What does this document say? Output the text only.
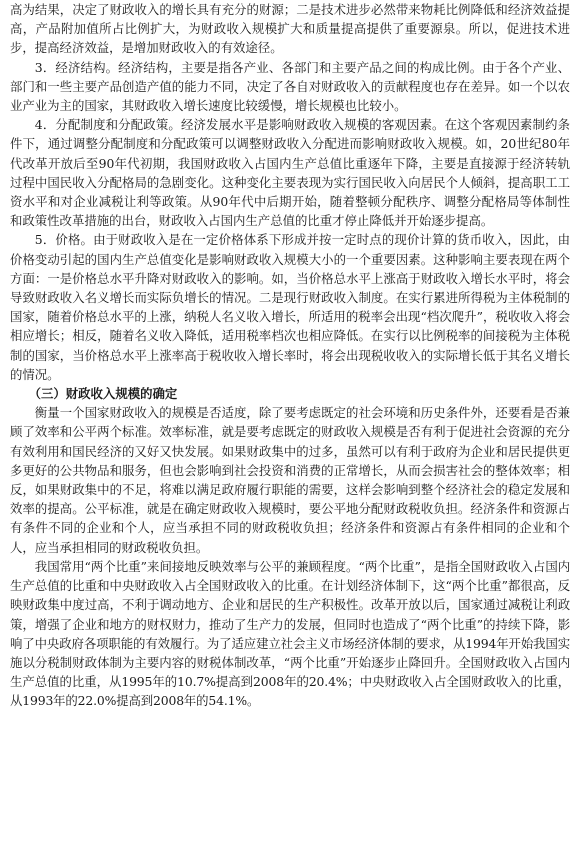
高为结果，决定了财政收入的增长具有充分的财源；二是技术进步必然带来物耗比例降低和经济效益提高，产品附加值所占比例扩大，为财政收入规模扩大和质量提高提供了重要源泉。所以，促进技术进步，提高经济效益，是增加财政收入的有效途径。

3．经济结构。经济结构，主要是指各产业、各部门和主要产品之间的构成比例。由于各个产业、部门和一些主要产品创造产值的能力不同，决定了各自对财政收入的贡献程度也存在差异。如一个以农业产业为主的国家，其财政收入增长速度比较缓慢，增长规模也比较小。

4．分配制度和分配政策。经济发展水平是影响财政收入规模的客观因素。在这个客观因素制约条件下，通过调整分配制度和分配政策可以调整财政收入分配进而影响财政收入规模。如，20世纪80年代改革开放后至90年代初期，我国财政收入占国内生产总值比重逐年下降，主要是直接源于经济转轨过程中国民收入分配格局的急剧变化。这种变化主要表现为实行国民收入向居民个人倾斜，提高职工工资水平和对企业减税让利等政策。从90年代中后期开始，随着整顿分配秩序、调整分配格局等体制性和政策性改革措施的出台，财政收入占国内生产总值的比重才停止降低并开始逐步提高。

5．价格。由于财政收入是在一定价格体系下形成并按一定时点的现价计算的货币收入，因此，由价格变动引起的国内生产总值变化是影响财政收入规模大小的一个重要因素。这种影响主要表现在两个方面：一是价格总水平升降对财政收入的影响。如，当价格总水平上涨高于财政收入增长水平时，将会导致财政收入名义增长而实际负增长的情况。二是现行财政收入制度。在实行累进所得税为主体税制的国家，随着价格总水平的上涨，纳税人名义收入增长，所适用的税率会出现“档次爬升”，税收收入将会相应增长；相反，随着名义收入降低，适用税率档次也相应降低。在实行以比例税率的间接税为主体税制的国家，当价格总水平上涨率高于税收收入增长率时，将会出现税收收入的实际增长低于其名义增长的情况。

（三）财政收入规模的确定

衡量一个国家财政收入的规模是否适度，除了要考虑既定的社会环境和历史条件外，还要看是否兼顾了效率和公平两个标准。效率标准，就是要考虑既定的财政收入规模是否有利于促进社会资源的充分有效利用和国民经济的又好又快发展。如果财政集中的过多，虽然可以有利于政府为企业和居民提供更多更好的公共物品和服务，但也会影响到社会投资和消费的正常增长，从而会损害社会的整体效率；相反，如果财政集中的不足，将难以满足政府履行职能的需要，这样会影响到整个经济社会的稳定发展和效率的提高。公平标准，就是在确定财政收入规模时，要公平地分配财政税收负担。经济条件和资源占有条件不同的企业和个人，应当承担不同的财政税收负担；经济条件和资源占有条件相同的企业和个人，应当承担相同的财政税收负担。

我国常用“两个比重”来间接地反映效率与公平的兼顾程度。“两个比重”，是指全国财政收入占国内生产总值的比重和中央财政收入占全国财政收入的比重。在计划经济体制下，这“两个比重”都很高，反映财政集中度过高，不利于调动地方、企业和居民的生产积极性。改革开放以后，国家通过减税让利政策，增强了企业和地方的财权财力，推动了生产力的发展，但同时也造成了“两个比重”的持续下降，影响了中央政府各项职能的有效履行。为了适应建立社会主义市场经济体制的要求，从1994年开始我国实施以分税制财政体制为主要内容的财税体制改革，“两个比重”开始逐步止降回升。全国财政收入占国内生产总值的比重，从1995年的10.7%提高到2008年的20.4%；中央财政收入占全国财政收入的比重，从1993年的22.0%提高到2008年的54.1%。
